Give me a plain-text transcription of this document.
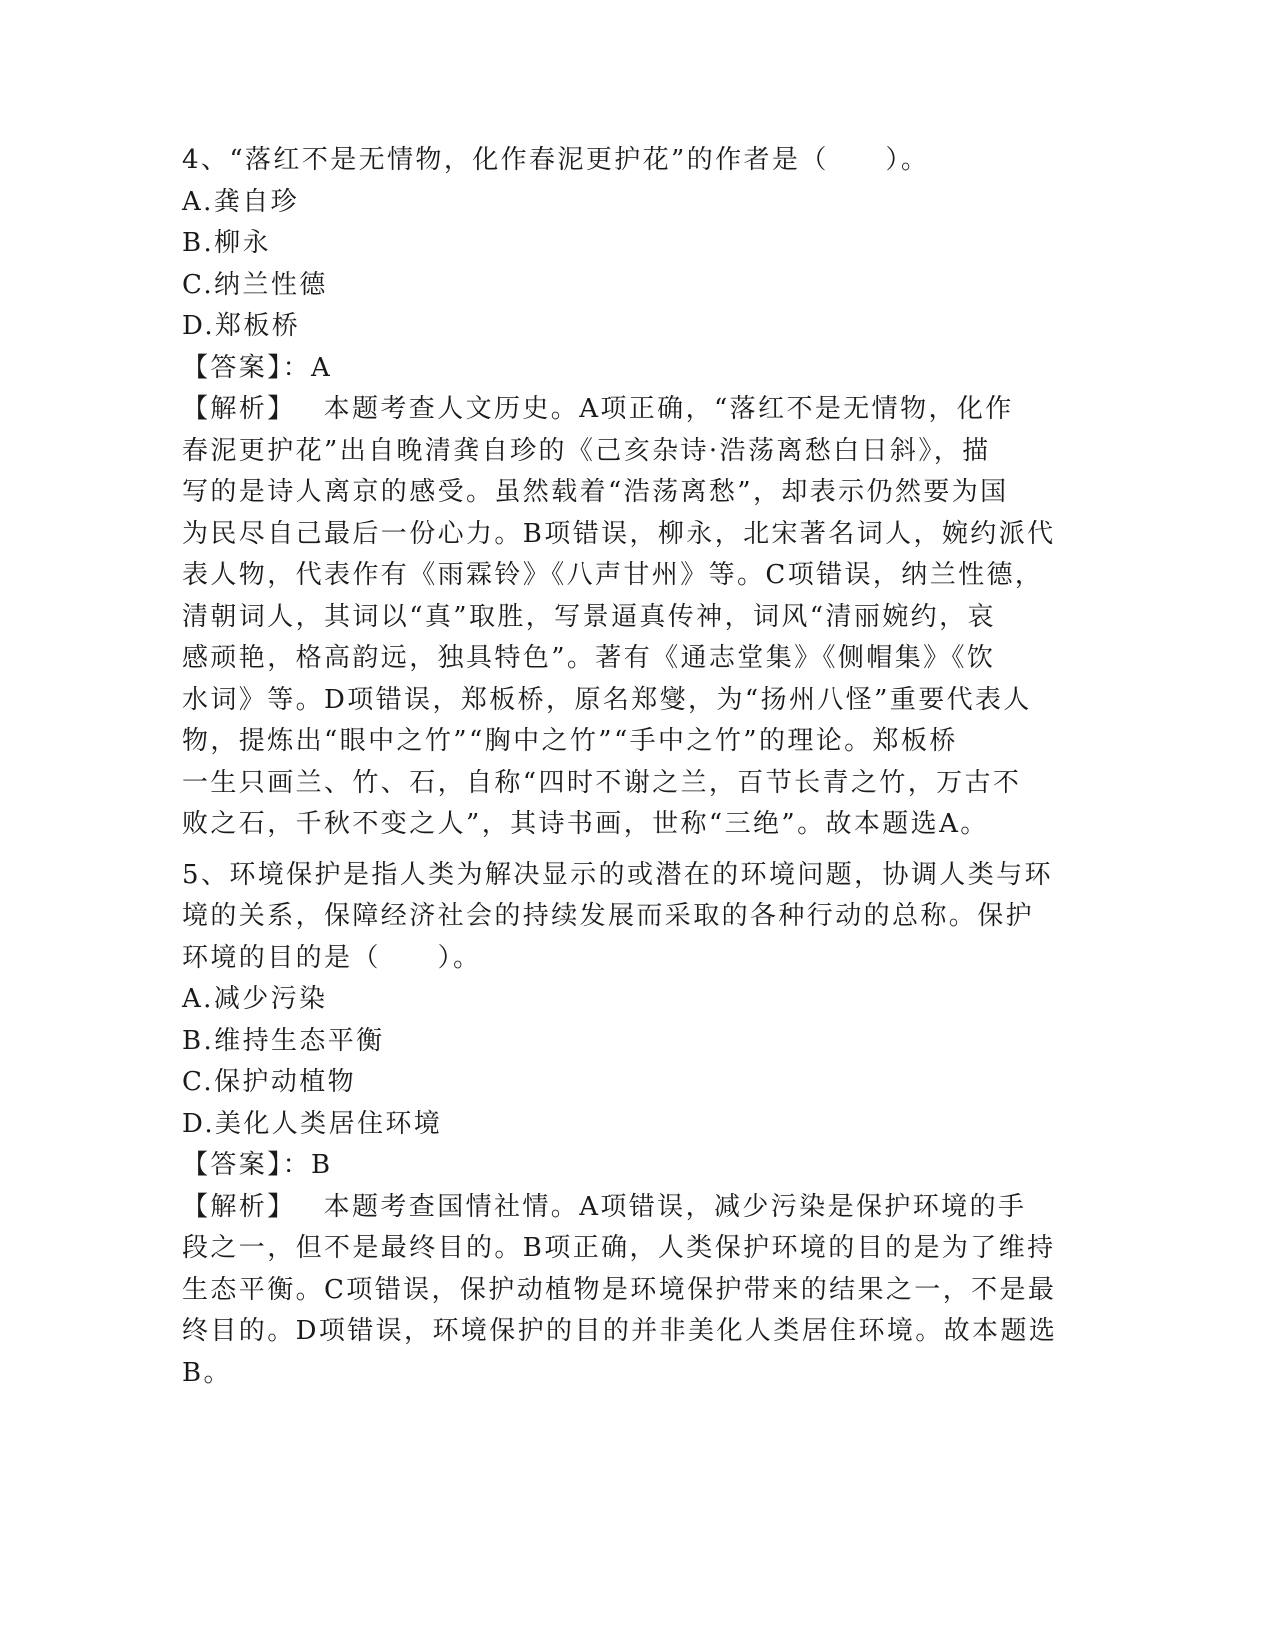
4、“落红不是无情物，化作春泥更护花”的作者是（　　）。
A.龚自珍
B.柳永
C.纳兰性德
D.郑板桥
【答案】：A
【解析】 本题考查人文历史。A项正确，“落红不是无情物，化作
春泥更护花”出自晚清龚自珍的《己亥杂诗·浩荡离愁白日斜》，描
写的是诗人离京的感受。虽然载着“浩荡离愁”，却表示仍然要为国
为民尽自己最后一份心力。B项错误，柳永，北宋著名词人，婉约派代
表人物，代表作有《雨霖铃》《八声甘州》等。C项错误，纳兰性德，
清朝词人，其词以“真”取胜，写景逼真传神，词风“清丽婉约，哀
感顽艳，格高韵远，独具特色”。著有《通志堂集》《侧帽集》《饮
水词》等。D项错误，郑板桥，原名郑燮，为“扬州八怪”重要代表人
物，提炼出“眼中之竹”“胸中之竹”“手中之竹”的理论。郑板桥
一生只画兰、竹、石，自称“四时不谢之兰，百节长青之竹，万古不
败之石，千秋不变之人”，其诗书画，世称“三绝”。故本题选A。
5、环境保护是指人类为解决显示的或潜在的环境问题，协调人类与环
境的关系，保障经济社会的持续发展而采取的各种行动的总称。保护
环境的目的是（　　）。
A.减少污染
B.维持生态平衡
C.保护动植物
D.美化人类居住环境
【答案】：B
【解析】 本题考查国情社情。A项错误，减少污染是保护环境的手
段之一，但不是最终目的。B项正确，人类保护环境的目的是为了维持
生态平衡。C项错误，保护动植物是环境保护带来的结果之一，不是最
终目的。D项错误，环境保护的目的并非美化人类居住环境。故本题选
B。
